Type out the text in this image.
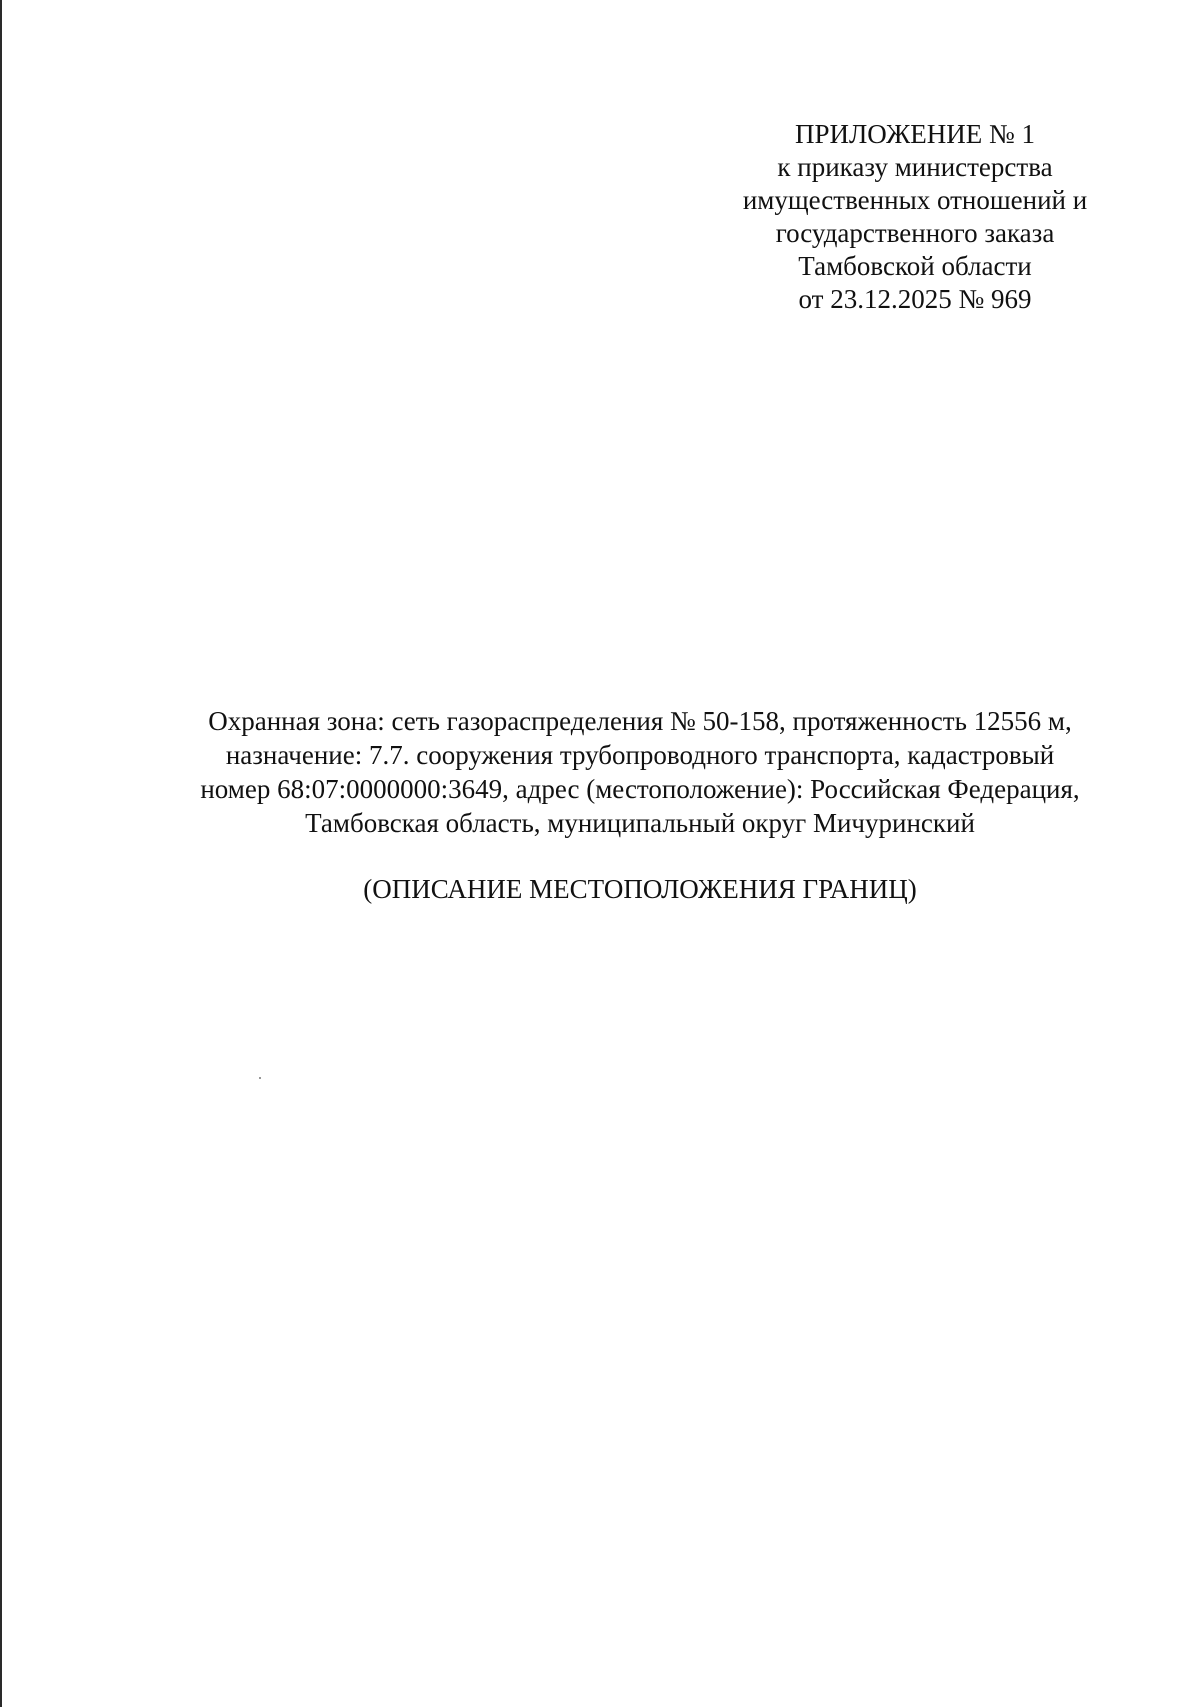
ПРИЛОЖЕНИЕ № 1
к приказу министерства
имущественных отношений и
государственного заказа
Тамбовской области
от 23.12.2025 № 969
Охранная зона: сеть газораспределения № 50-158, протяженность 12556 м,
назначение: 7.7. сооружения трубопроводного транспорта, кадастровый
номер 68:07:0000000:3649, адрес (местоположение): Российская Федерация,
Тамбовская область, муниципальный округ Мичуринский
(ОПИСАНИЕ МЕСТОПОЛОЖЕНИЯ ГРАНИЦ)
